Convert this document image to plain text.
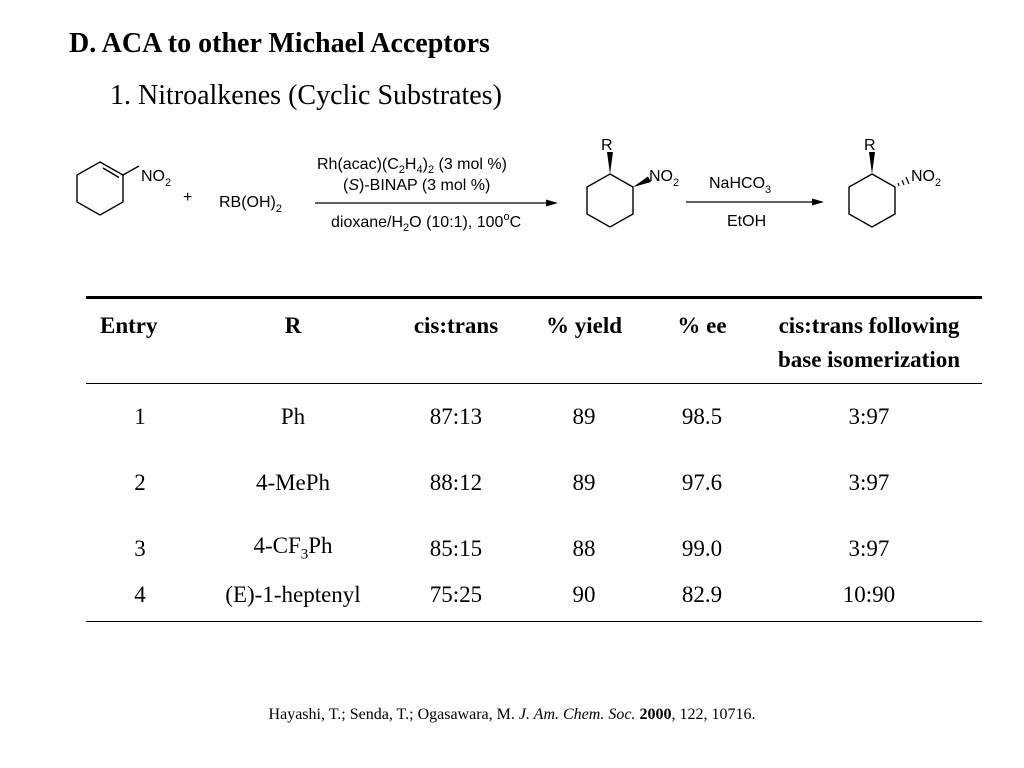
D. ACA to other Michael Acceptors
1. Nitroalkenes (Cyclic Substrates)
$NO_2$
+ $RB(OH)_2$
$Rh(acac)(C_2H_4)_2$ (3 mol %)
(S)-BINAP (3 mol %)
dioxane/$H_2O$ (10:1), 100$^o$C
R
$NO_2$ NaHCO$_3$
EtOH
R
$NO_2$
Entry	R	cis:trans	% yield	% ee	cis:trans following
base isomerization
1	Ph	87:13	89	98.5	3:97
2	4-MePh	88:12	89	97.6	3:97
3	$4-CF_3Ph$	85:15	88	99.0	3:97
4	(E)-1-heptenyl	75:25	90	82.9	10:90
Hayashi, T.; Senda, T.; Ogasawara, M. J. Am. Chem. Soc. 2000, 122, 10716.
